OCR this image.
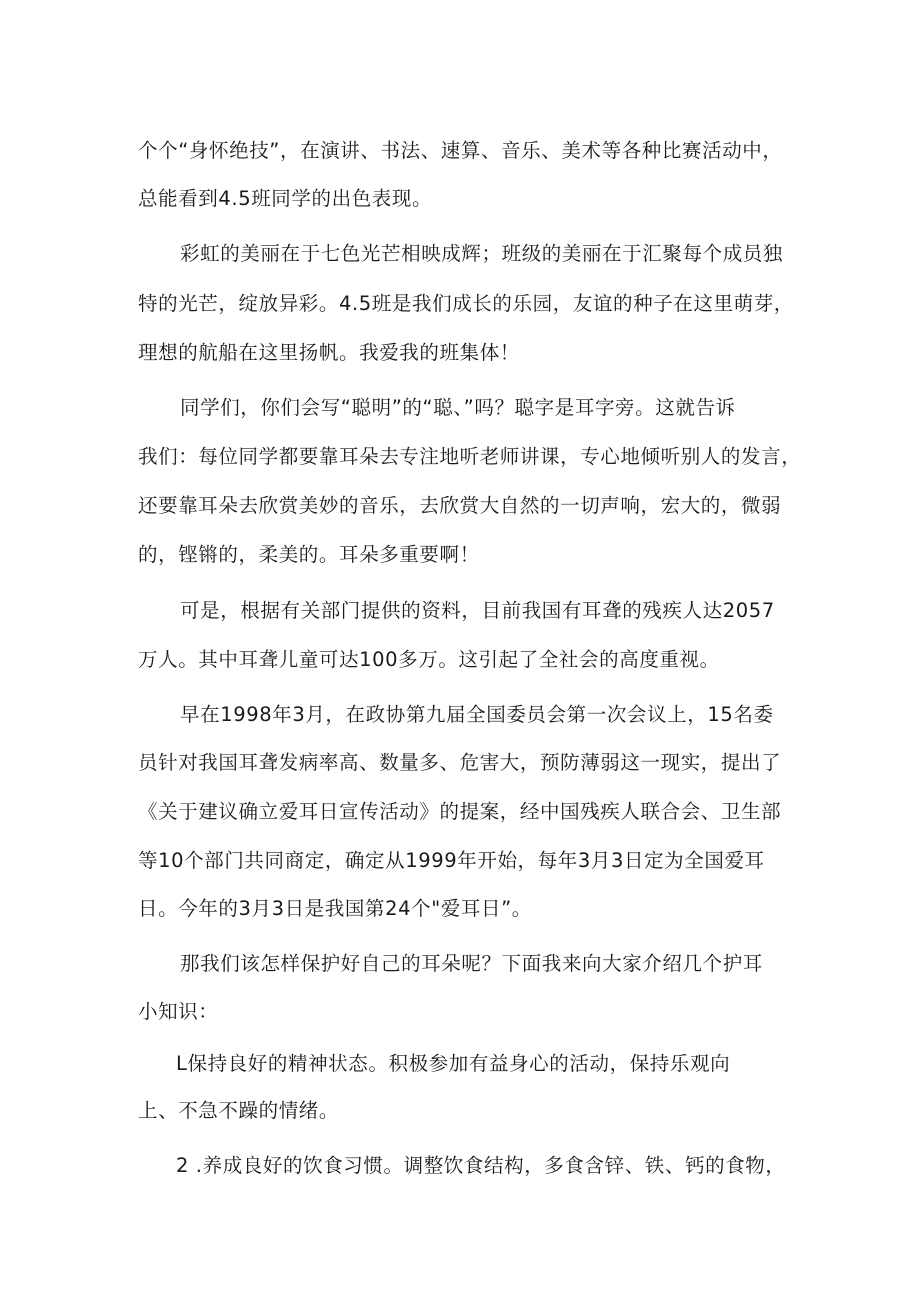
个个“身怀绝技”，在演讲、书法、速算、音乐、美术等各种比赛活动中，
总能看到4.5班同学的出色表现。
彩虹的美丽在于七色光芒相映成辉；班级的美丽在于汇聚每个成员独
特的光芒，绽放异彩。4.5班是我们成长的乐园，友谊的种子在这里萌芽，
理想的航船在这里扬帆。我爱我的班集体！
同学们，你们会写“聪明”的“聪、”吗？聪字是耳字旁。这就告诉
我们：每位同学都要靠耳朵去专注地听老师讲课，专心地倾听别人的发言，
还要靠耳朵去欣赏美妙的音乐，去欣赏大自然的一切声响，宏大的，微弱
的，铿锵的，柔美的。耳朵多重要啊！
可是，根据有关部门提供的资料，目前我国有耳聋的残疾人达2057
万人。其中耳聋儿童可达100多万。这引起了全社会的高度重视。
早在1998年3月，在政协第九届全国委员会第一次会议上，15名委
员针对我国耳聋发病率高、数量多、危害大，预防薄弱这一现实，提出了
《关于建议确立爱耳日宣传活动》的提案，经中国残疾人联合会、卫生部
等10个部门共同商定，确定从1999年开始，每年3月3日定为全国爱耳
日。今年的3月3日是我国第24个"爱耳日”。
那我们该怎样保护好自己的耳朵呢？下面我来向大家介绍几个护耳
小知识：
L保持良好的精神状态。积极参加有益身心的活动，保持乐观向
上、不急不躁的情绪。
2 .养成良好的饮食习惯。调整饮食结构，多食含锌、铁、钙的食物，
